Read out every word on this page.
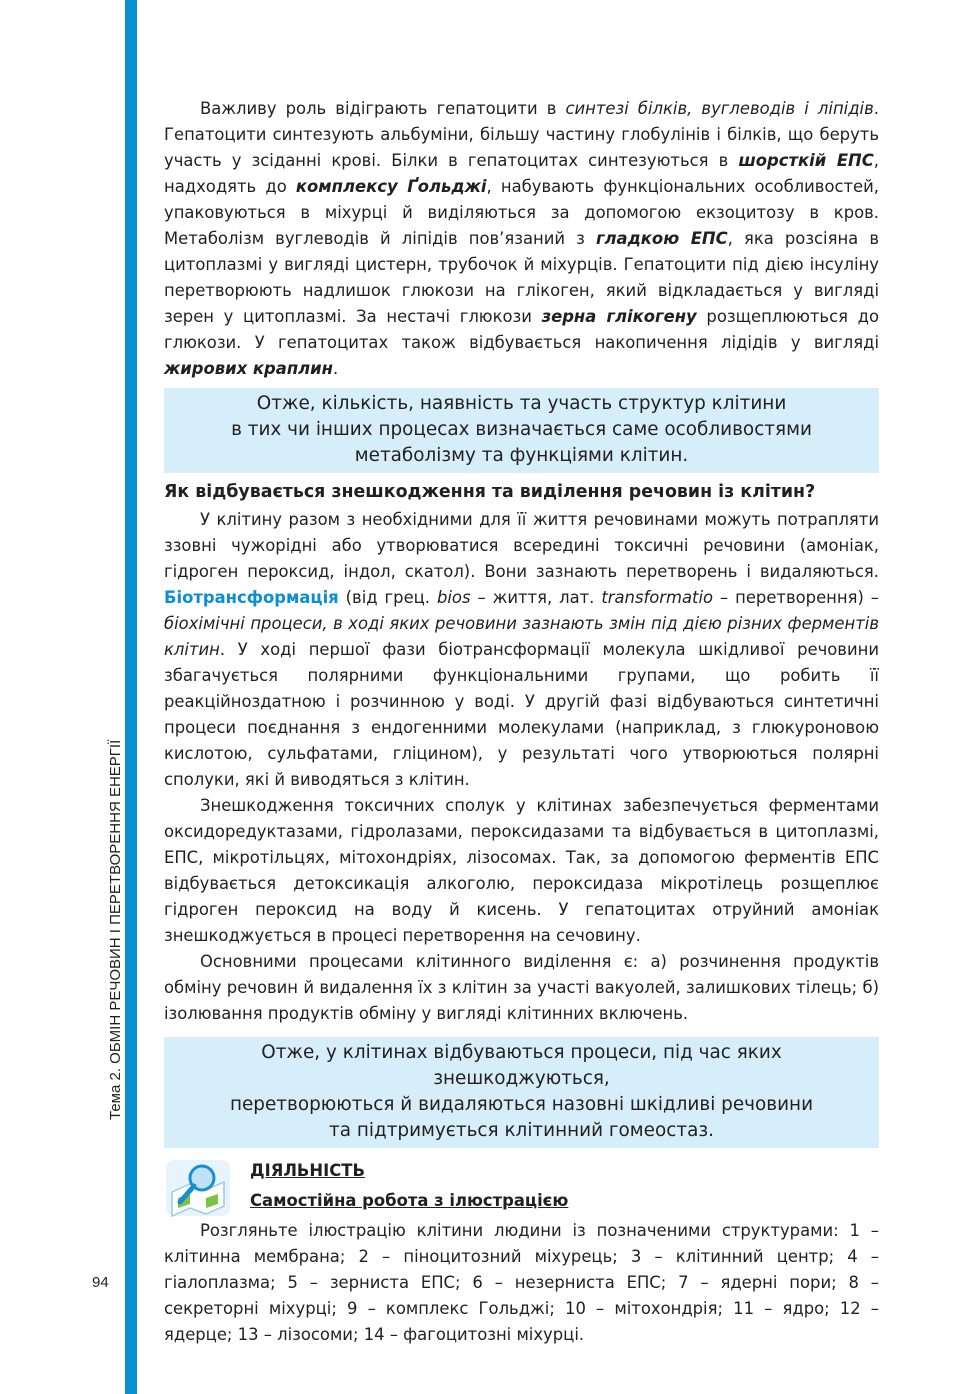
Тема 2. ОБМІН РЕЧОВИН І ПЕРЕТВОРЕННЯ ЕНЕРГІЇ
94

Важливу роль відіграють гепатоцити в синтезі білків, вуглеводів і ліпідів. Гепатоцити синтезують альбуміни, більшу частину глобулінів і білків, що беруть участь у зсіданні крові. Білки в гепатоцитах синтезуються в шорсткій ЕПС, надходять до комплексу Ґольджі, набувають функціональних особливостей, упаковуються в міхурці й виділяються за допомогою екзоцитозу в кров. Метаболізм вуглеводів й ліпідів пов’язаний з гладкою ЕПС, яка розсіяна в цитоплазмі у вигляді цистерн, трубочок й міхурців. Гепатоцити під дією інсуліну перетворюють надлишок глюкози на глікоген, який відкладається у вигляді зерен у цитоплазмі. За нестачі глюкози зерна глікогену розщеплюються до глюкози. У гепатоцитах також відбувається накопичення лідідів у вигляді жирових краплин.

Отже, кількість, наявність та участь структур клітини
в тих чи інших процесах визначається саме особливостями
метаболізму та функціями клітин.
Як відбувається знешкодження та виділення речовин із клітин?

У клітину разом з необхідними для її життя речовинами можуть потрапляти ззовні чужорідні або утворюватися всередині токсичні речовини (амоніак, гідроген пероксид, індол, скатол). Вони зазнають перетворень і видаляються. Біотрансформація (від грец. bios – життя, лат. transformatio – перетворення) – біохімічні процеси, в ході яких речовини зазнають змін під дією різних ферментів клітин. У ході першої фази біотрансформації молекула шкідливої речовини збагачується полярними функціональними групами, що робить її реакційноздатною і розчинною у воді. У другій фазі відбуваються синтетичні процеси поєднання з ендогенними молекулами (наприклад, з глюкуроновою кислотою, сульфатами, гліцином), у результаті чого утворюються полярні сполуки, які й виводяться з клітин.

Знешкодження токсичних сполук у клітинах забезпечується ферментами оксидоредуктазами, гідролазами, пероксидазами та відбувається в цитоплазмі, ЕПС, мікротільцях, мітохондріях, лізосомах. Так, за допомогою ферментів ЕПС відбувається детоксикація алкоголю, пероксидаза мікротілець розщеплює гідроген пероксид на воду й кисень. У гепатоцитах отруйний амоніак знешкоджується в процесі перетворення на сечовину.

Основними процесами клітинного виділення є: а) розчинення продуктів обміну речовин й видалення їх з клітин за участі вакуолей, залишкових тілець; б) ізолювання продуктів обміну у вигляді клітинних включень.

Отже, у клітинах відбуваються процеси, під час яких знешкоджуються,
перетворюються й видаляються назовні шкідливі речовини
та підтримується клітинний гомеостаз.
ДІЯЛЬНІСТЬ
Самостійна робота з ілюстрацією

Розгляньте ілюстрацію клітини людини із позначеними структурами: 1 – клітинна мембрана; 2 – піноцитозний міхурець; 3 – клітинний центр; 4 – гіалоплазма; 5 – зерниста ЕПС; 6 – незерниста ЕПС; 7 – ядерні пори; 8 – секреторні міхурці; 9 – комплекс Гольджі; 10 – мітохондрія; 11 – ядро; 12 – ядерце; 13 – лізосоми; 14 – фагоцитозні міхурці.
